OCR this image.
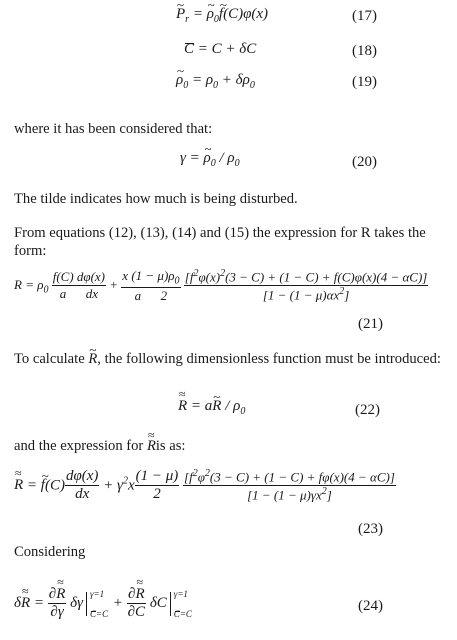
~ $P_r$ = ~ $\rho_0\sim$ f(C)φ(x)	(17)
C = C + δC	(18)
~ $\rho_0 = \rho_0 + \delta\rho_0$	(19)
where it has been considered that:
γ = ~ $\rho_0 / \rho_0$	(20)
The tilde indicates how much is being disturbed.
From equations (12), (13), (14) and (15) the expression for R takes the form:
$R = \rho_0 \frac{f(C) d\varphi(x)}{\text{a      dx}} + \frac{x (1 - \mu)\rho_0}{a 2}$
$\frac{[f^2\varphi(x)^2(3 - C) + (1 - C) + f(C)\varphi(x)(4 - \alpha C)]}{[1 - (1 - \mu)\alpha x^2]}$
(21)
To calculate ~ R, the following dimensionless function must be introduced:
≈ R = a~ R / $\rho_0$	(22)
and the expression for ≈ Ris as:
≈ R = ~ $f(C) \frac{d\varphi(x)}{dx} + \gamma^2x \frac{(1 - \mu)}{2}$
$\frac{[f^2\varphi^2(3 - C) + (1 - C) + f\varphi(x)(4 - \alpha C)]}{[1 - (1 - \mu)\gamma x^2]}$
(23)
Considering
$\delta\approx R = \frac{\partial\approx R}{\partial\gamma}$ δγ
γ=1
C=C
+ $\frac{\partial\approx R}{\partial C}$ δC
γ=1
C=C	(24)
